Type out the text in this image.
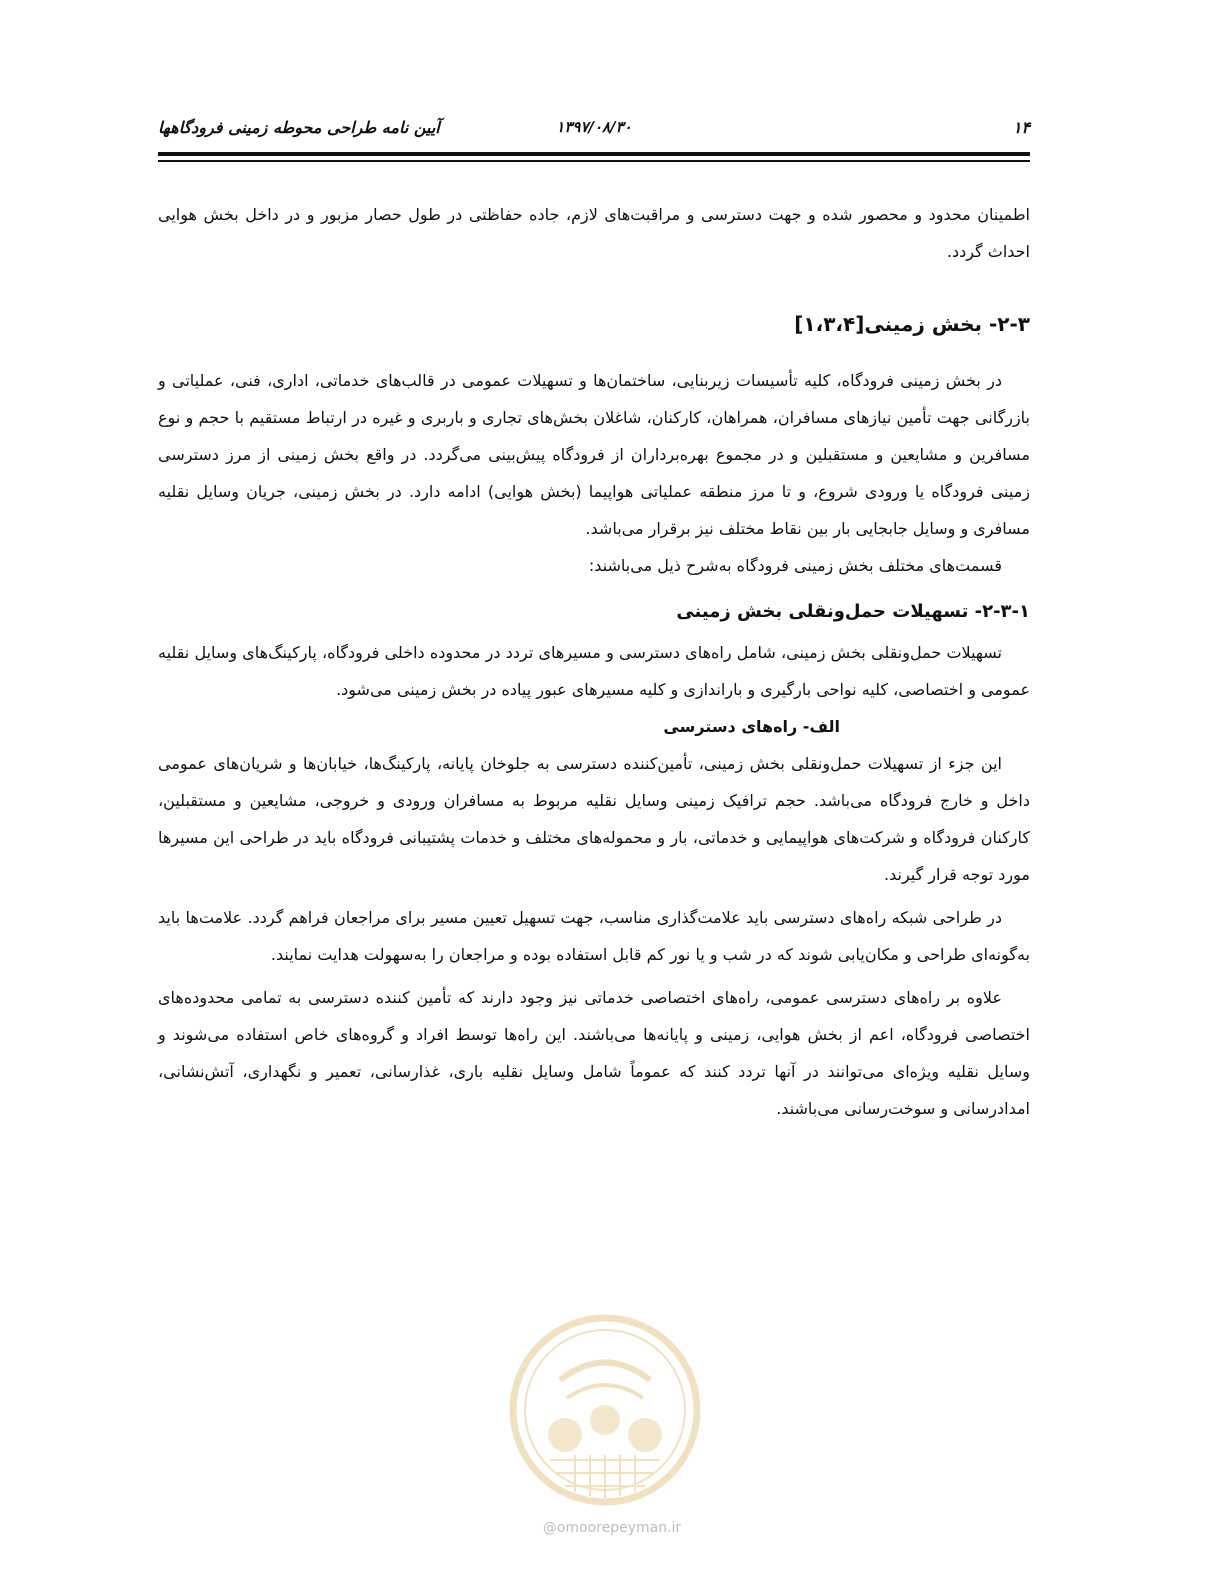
۱۴
۱۳۹۷/۰۸/۳۰
آیین نامه طراحی محوطه زمینی فرودگاهها

اطمینان محدود و محصور شده و جهت دسترسی و مراقبت‌های لازم، جاده حفاظتی در طول حصار مزبور و در داخل بخش هوایی احداث گردد.

۲-۳- بخش زمینی[۱،۳،۴]

در بخش زمینی فرودگاه، کلیه تأسیسات زیربنایی، ساختمان‌ها و تسهیلات عمومی در قالب‌های خدماتی، اداری، فنی، عملیاتی و بازرگانی جهت تأمین نیازهای مسافران، همراهان، کارکنان، شاغلان بخش‌های تجاری و باربری و غیره در ارتباط مستقیم با حجم و نوع مسافرین و مشایعین و مستقبلین و در مجموع بهره‌برداران از فرودگاه پیش‌بینی می‌گردد. در واقع بخش زمینی از مرز دسترسی زمینی فرودگاه یا ورودی شروع، و تا مرز منطقه عملیاتی هواپیما (بخش هوایی) ادامه دارد. در بخش زمینی، جریان وسایل نقلیه مسافری و وسایل جابجایی بار بین نقاط مختلف نیز برقرار می‌باشد.

قسمت‌های مختلف بخش زمینی فرودگاه به‌شرح ذیل می‌باشند:

۲-۳-۱- تسهیلات حمل‌ونقلی بخش زمینی

تسهیلات حمل‌ونقلی بخش زمینی، شامل راه‌های دسترسی و مسیرهای تردد در محدوده داخلی فرودگاه، پارکینگ‌های وسایل نقلیه عمومی و اختصاصی، کلیه نواحی بارگیری و باراندازی و کلیه مسیرهای عبور پیاده در بخش زمینی می‌شود.

الف- راه‌های دسترسی

این جزء از تسهیلات حمل‌ونقلی بخش زمینی، تأمین‌کننده دسترسی به جلوخان پایانه، پارکینگ‌ها، خیابان‌ها و شریان‌های عمومی داخل و خارج فرودگاه می‌باشد. حجم ترافیک زمینی وسایل نقلیه مربوط به مسافران ورودی و خروجی، مشایعین و مستقبلین، کارکنان فرودگاه و شرکت‌های هواپیمایی و خدماتی، بار و محموله‌های مختلف و خدمات پشتیبانی فرودگاه باید در طراحی این مسیرها مورد توجه قرار گیرند.

در طراحی شبکه راه‌های دسترسی باید علامت‌گذاری مناسب، جهت تسهیل تعیین مسیر برای مراجعان فراهم گردد. علامت‌ها باید به‌گونه‌ای طراحی و مکان‌یابی شوند که در شب و یا نور کم قابل استفاده بوده و مراجعان را به‌سهولت هدایت نمایند.

علاوه بر راه‌های دسترسی عمومی، راه‌های اختصاصی خدماتی نیز وجود دارند که تأمین کننده دسترسی به تمامی محدوده‌های اختصاصی فرودگاه، اعم از بخش هوایی، زمینی و پایانه‌ها می‌باشند. این راه‌ها توسط افراد و گروه‌های خاص استفاده می‌شوند و وسایل نقلیه ویژه‌ای می‌توانند در آنها تردد کنند که عموماً شامل وسایل نقلیه باری، غذارسانی، تعمیر و نگهداری، آتش‌نشانی، امدادرسانی و سوخت‌رسانی می‌باشند.

@omoorepeyman.ir
